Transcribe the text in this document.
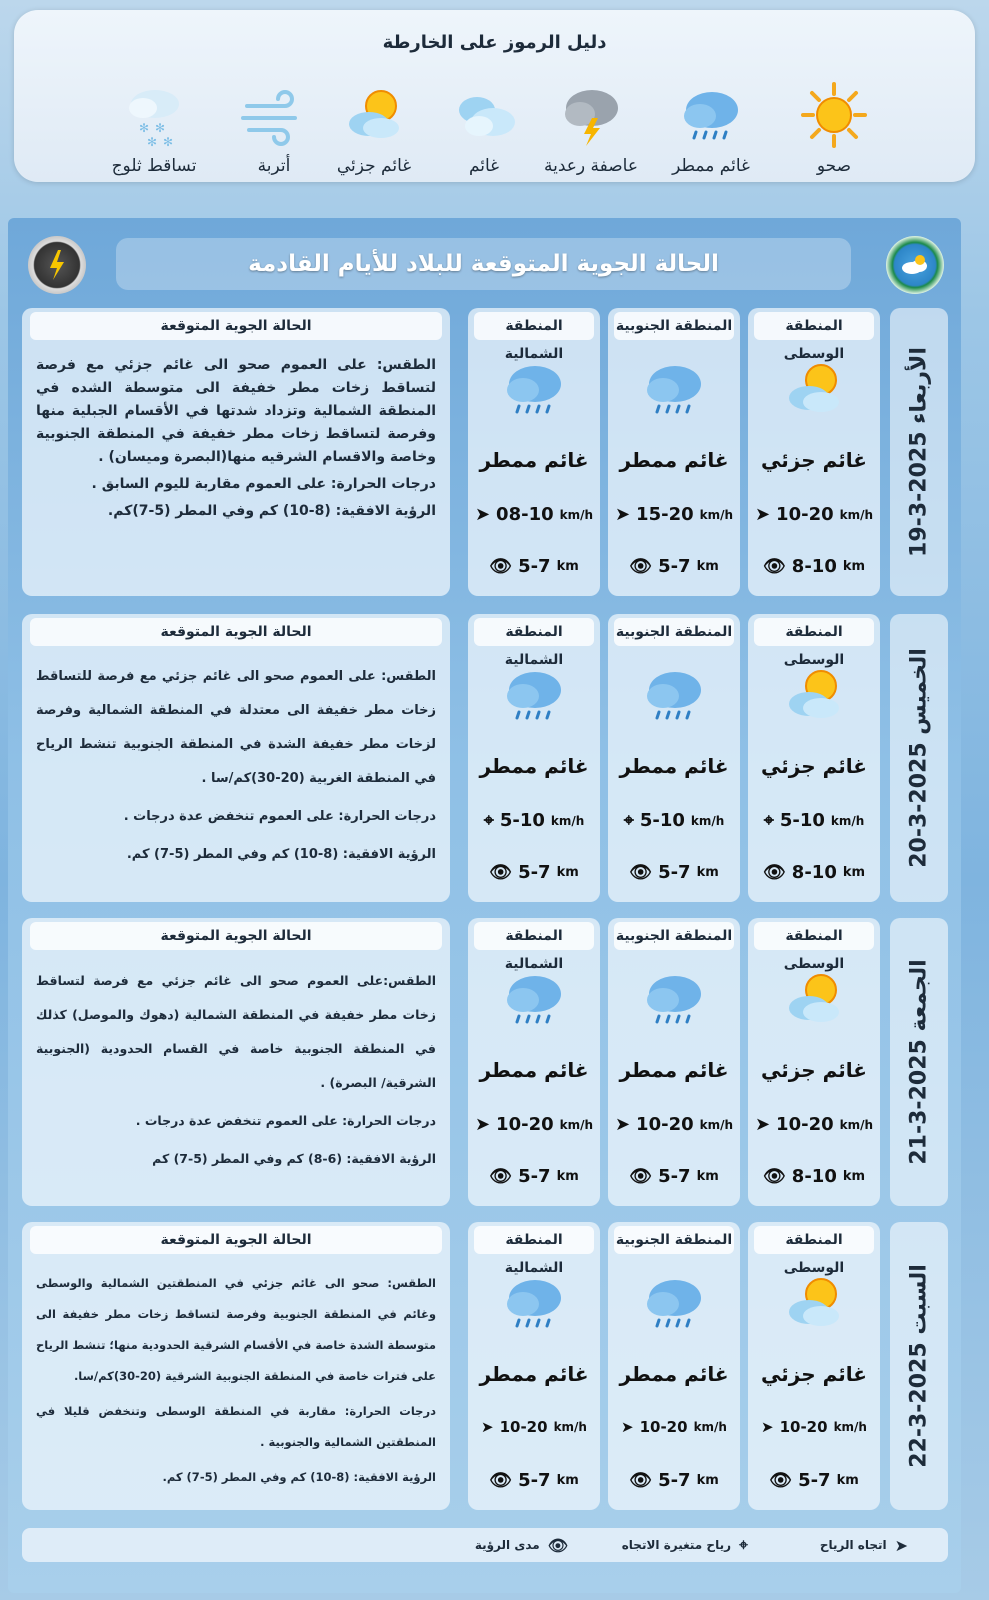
دليل الرموز على الخارطة
صحو
غائم ممطر
عاصفة رعدية
غائم
غائم جزئي
أتربة
✻ ✻
✻ ✻
تساقط ثلوج
الحالة الجوية المتوقعة للبلاد للأيام القادمة
الأربعاء 2025-3-19
المنطقة الوسطى
غائم جزئي
➤ 10-20 km/h
👁 8-10 km
المنطقة الجنوبية
غائم ممطر
➤ 15-20 km/h
👁 5-7 km
المنطقة الشمالية
غائم ممطر
➤ 08-10 km/h
👁 5-7 km
الحالة الجوية المتوقعة

الطقس: على العموم صحو الى غائم جزئي مع فرصة لتساقط زخات مطر خفيفة الى متوسطة الشده في المنطقة الشمالية وتزداد شدتها في الأقسام الجبلية منها وفرصة لتساقط زخات مطر خفيفة في المنطقة الجنوبية وخاصة والاقسام الشرقيه منها(البصرة وميسان) .

درجات الحرارة: على العموم مقاربة لليوم السابق .

الرؤية الافقية: (8-10) كم وفي المطر (5-7)كم.

الخميس 2025-3-20
المنطقة الوسطى
غائم جزئي
⌖ 5-10 km/h
👁 8-10 km
المنطقة الجنوبية
غائم ممطر
⌖ 5-10 km/h
👁 5-7 km
المنطقة الشمالية
غائم ممطر
⌖ 5-10 km/h
👁 5-7 km
الحالة الجوية المتوقعة

الطقس: على العموم صحو الى غائم جزئي مع فرصة للتساقط زخات مطر خفيفة الى معتدلة في المنطقة الشمالية وفرصة لزخات مطر خفيفة الشدة في المنطقة الجنوبية تنشط الرياح في المنطقة الغربية (20-30)كم/سا .

درجات الحرارة: على العموم تنخفض عدة درجات .

الرؤية الافقية: (8-10) كم وفي المطر (5-7) كم.

الجمعة 2025-3-21
المنطقة الوسطى
غائم جزئي
➤ 10-20 km/h
👁 8-10 km
المنطقة الجنوبية
غائم ممطر
➤ 10-20 km/h
👁 5-7 km
المنطقة الشمالية
غائم ممطر
➤ 10-20 km/h
👁 5-7 km
الحالة الجوية المتوقعة

الطقس:على العموم صحو الى غائم جزئي مع فرصة لتساقط زخات مطر خفيفة في المنطقة الشمالية (دهوك والموصل) كذلك في المنطقة الجنوبية خاصة في القسام الحدودية (الجنوبية الشرقية/ البصرة) .

درجات الحرارة: على العموم تنخفض عدة درجات .

الرؤية الافقية: (6-8) كم وفي المطر (5-7) كم

السبت 2025-3-22
المنطقة الوسطى
غائم جزئي
➤ 10-20 km/h
👁 5-7 km
المنطقة الجنوبية
غائم ممطر
➤ 10-20 km/h
👁 5-7 km
المنطقة الشمالية
غائم ممطر
➤ 10-20 km/h
👁 5-7 km
الحالة الجوية المتوقعة

الطقس: صحو الى غائم جزئي في المنطقتين الشمالية والوسطى وغائم في المنطقة الجنوبية وفرصة لتساقط زخات مطر خفيفة الى متوسطة الشدة خاصة في الأقسام الشرقية الحدودية منها؛ تنشط الرياح على فترات خاصة في المنطقة الجنوبية الشرقية (20-30)كم/سا.

درجات الحرارة: مقاربة في المنطقة الوسطى وتنخفض قليلا في المنطقتين الشمالية والجنوبية .

الرؤية الافقية: (8-10) كم وفي المطر (5-7) كم.

اتجاه الرياح ➤
رياح متغيرة الاتجاه ⌖
مدى الرؤية 👁
